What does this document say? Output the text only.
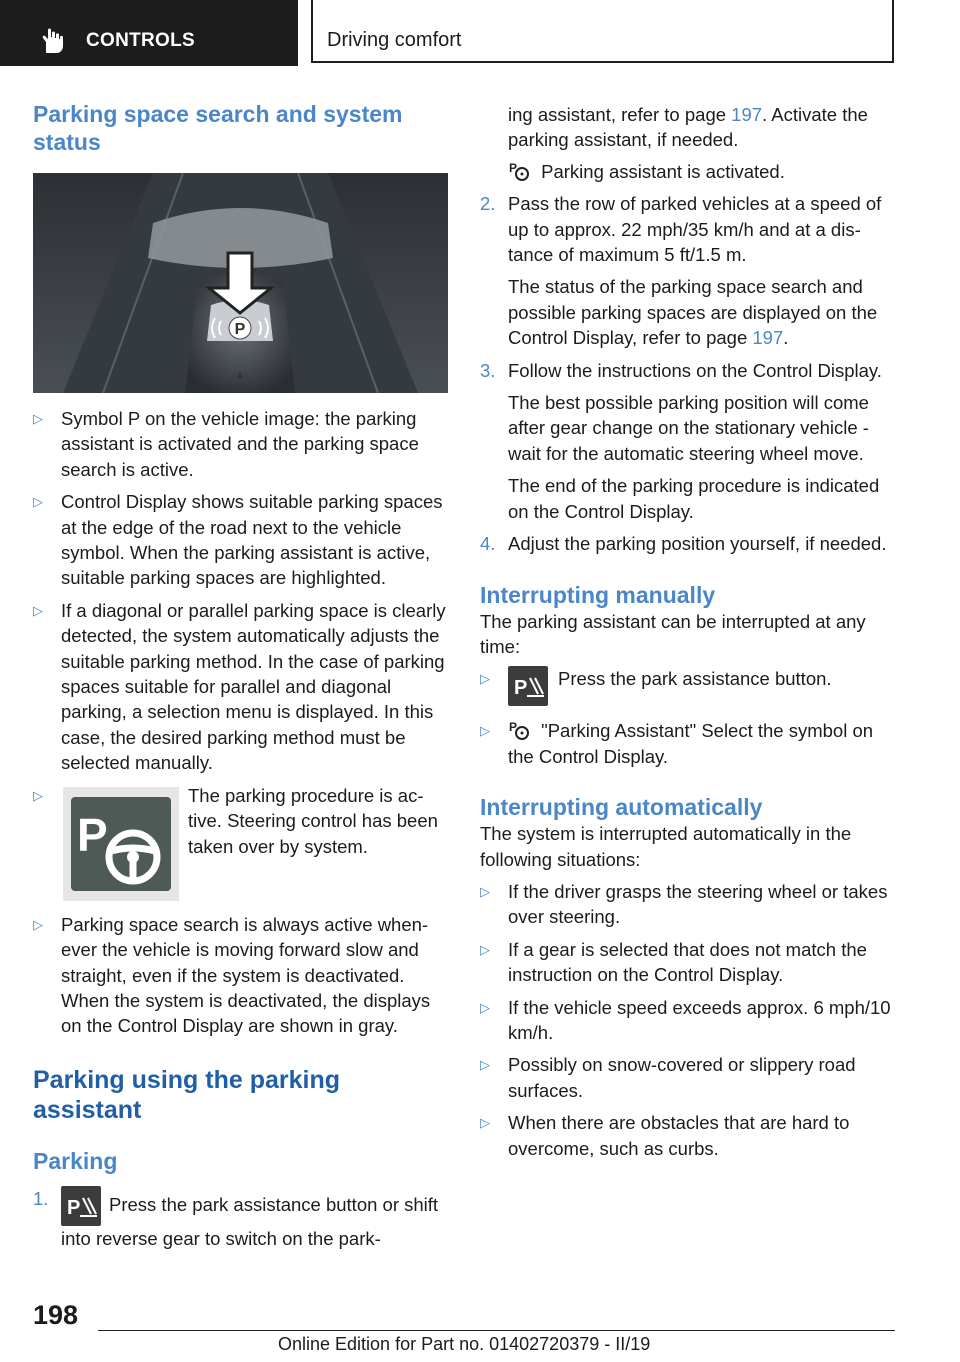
CONTROLS	Driving comfort
Parking space search and system status
P
▷ Symbol P on the vehicle image: the parking assistant is activated and the parking space search is active.
▷ Control Display shows suitable parking spaces at the edge of the road next to the vehicle symbol. When the parking assistant is active, suitable parking spaces are highlighted.
▷ If a diagonal or parallel parking space is clearly detected, the system automatically adjusts the suitable parking method. In the case of parking spaces suitable for parallel and diagonal parking, a selection menu is displayed. In this case, the desired parking method must be selected manually.
▷
P
The parking procedure is active. Steering control has been taken over by system.
▷ Parking space search is always active whenever the vehicle is moving forward slow and straight, even if the system is deactivated. When the system is deactivated, the displays on the Control Display are shown in gray.
Parking using the parking assistant
Parking
1. P Press the park assistance button or shift into reverse gear to switch on the park-

ing assistant, refer to page 197. Activate the parking assistant, if needed.

P Parking assistant is activated.

2. Pass the row of parked vehicles at a speed of up to approx. 22 mph/35 km/h and at a distance of maximum 5 ft/1.5 m.

The status of the parking space search and possible parking spaces are displayed on the Control Display, refer to page 197.

3. Follow the instructions on the Control Display.

The best possible parking position will come after gear change on the stationary vehicle - wait for the automatic steering wheel move.

The end of the parking procedure is indicated on the Control Display.

4. Adjust the parking position yourself, if needed.
Interrupting manually

The parking assistant can be interrupted at any time:

▷ P Press the park assistance button.
▷ P "Parking Assistant" Select the symbol on the Control Display.
Interrupting automatically

The system is interrupted automatically in the following situations:

▷ If the driver grasps the steering wheel or takes over steering.
▷ If a gear is selected that does not match the instruction on the Control Display.
▷ If the vehicle speed exceeds approx. 6 mph/10 km/h.
▷ Possibly on snow-covered or slippery road surfaces.
▷ When there are obstacles that are hard to overcome, such as curbs.
198
Online Edition for Part no. 01402720379 - II/19
